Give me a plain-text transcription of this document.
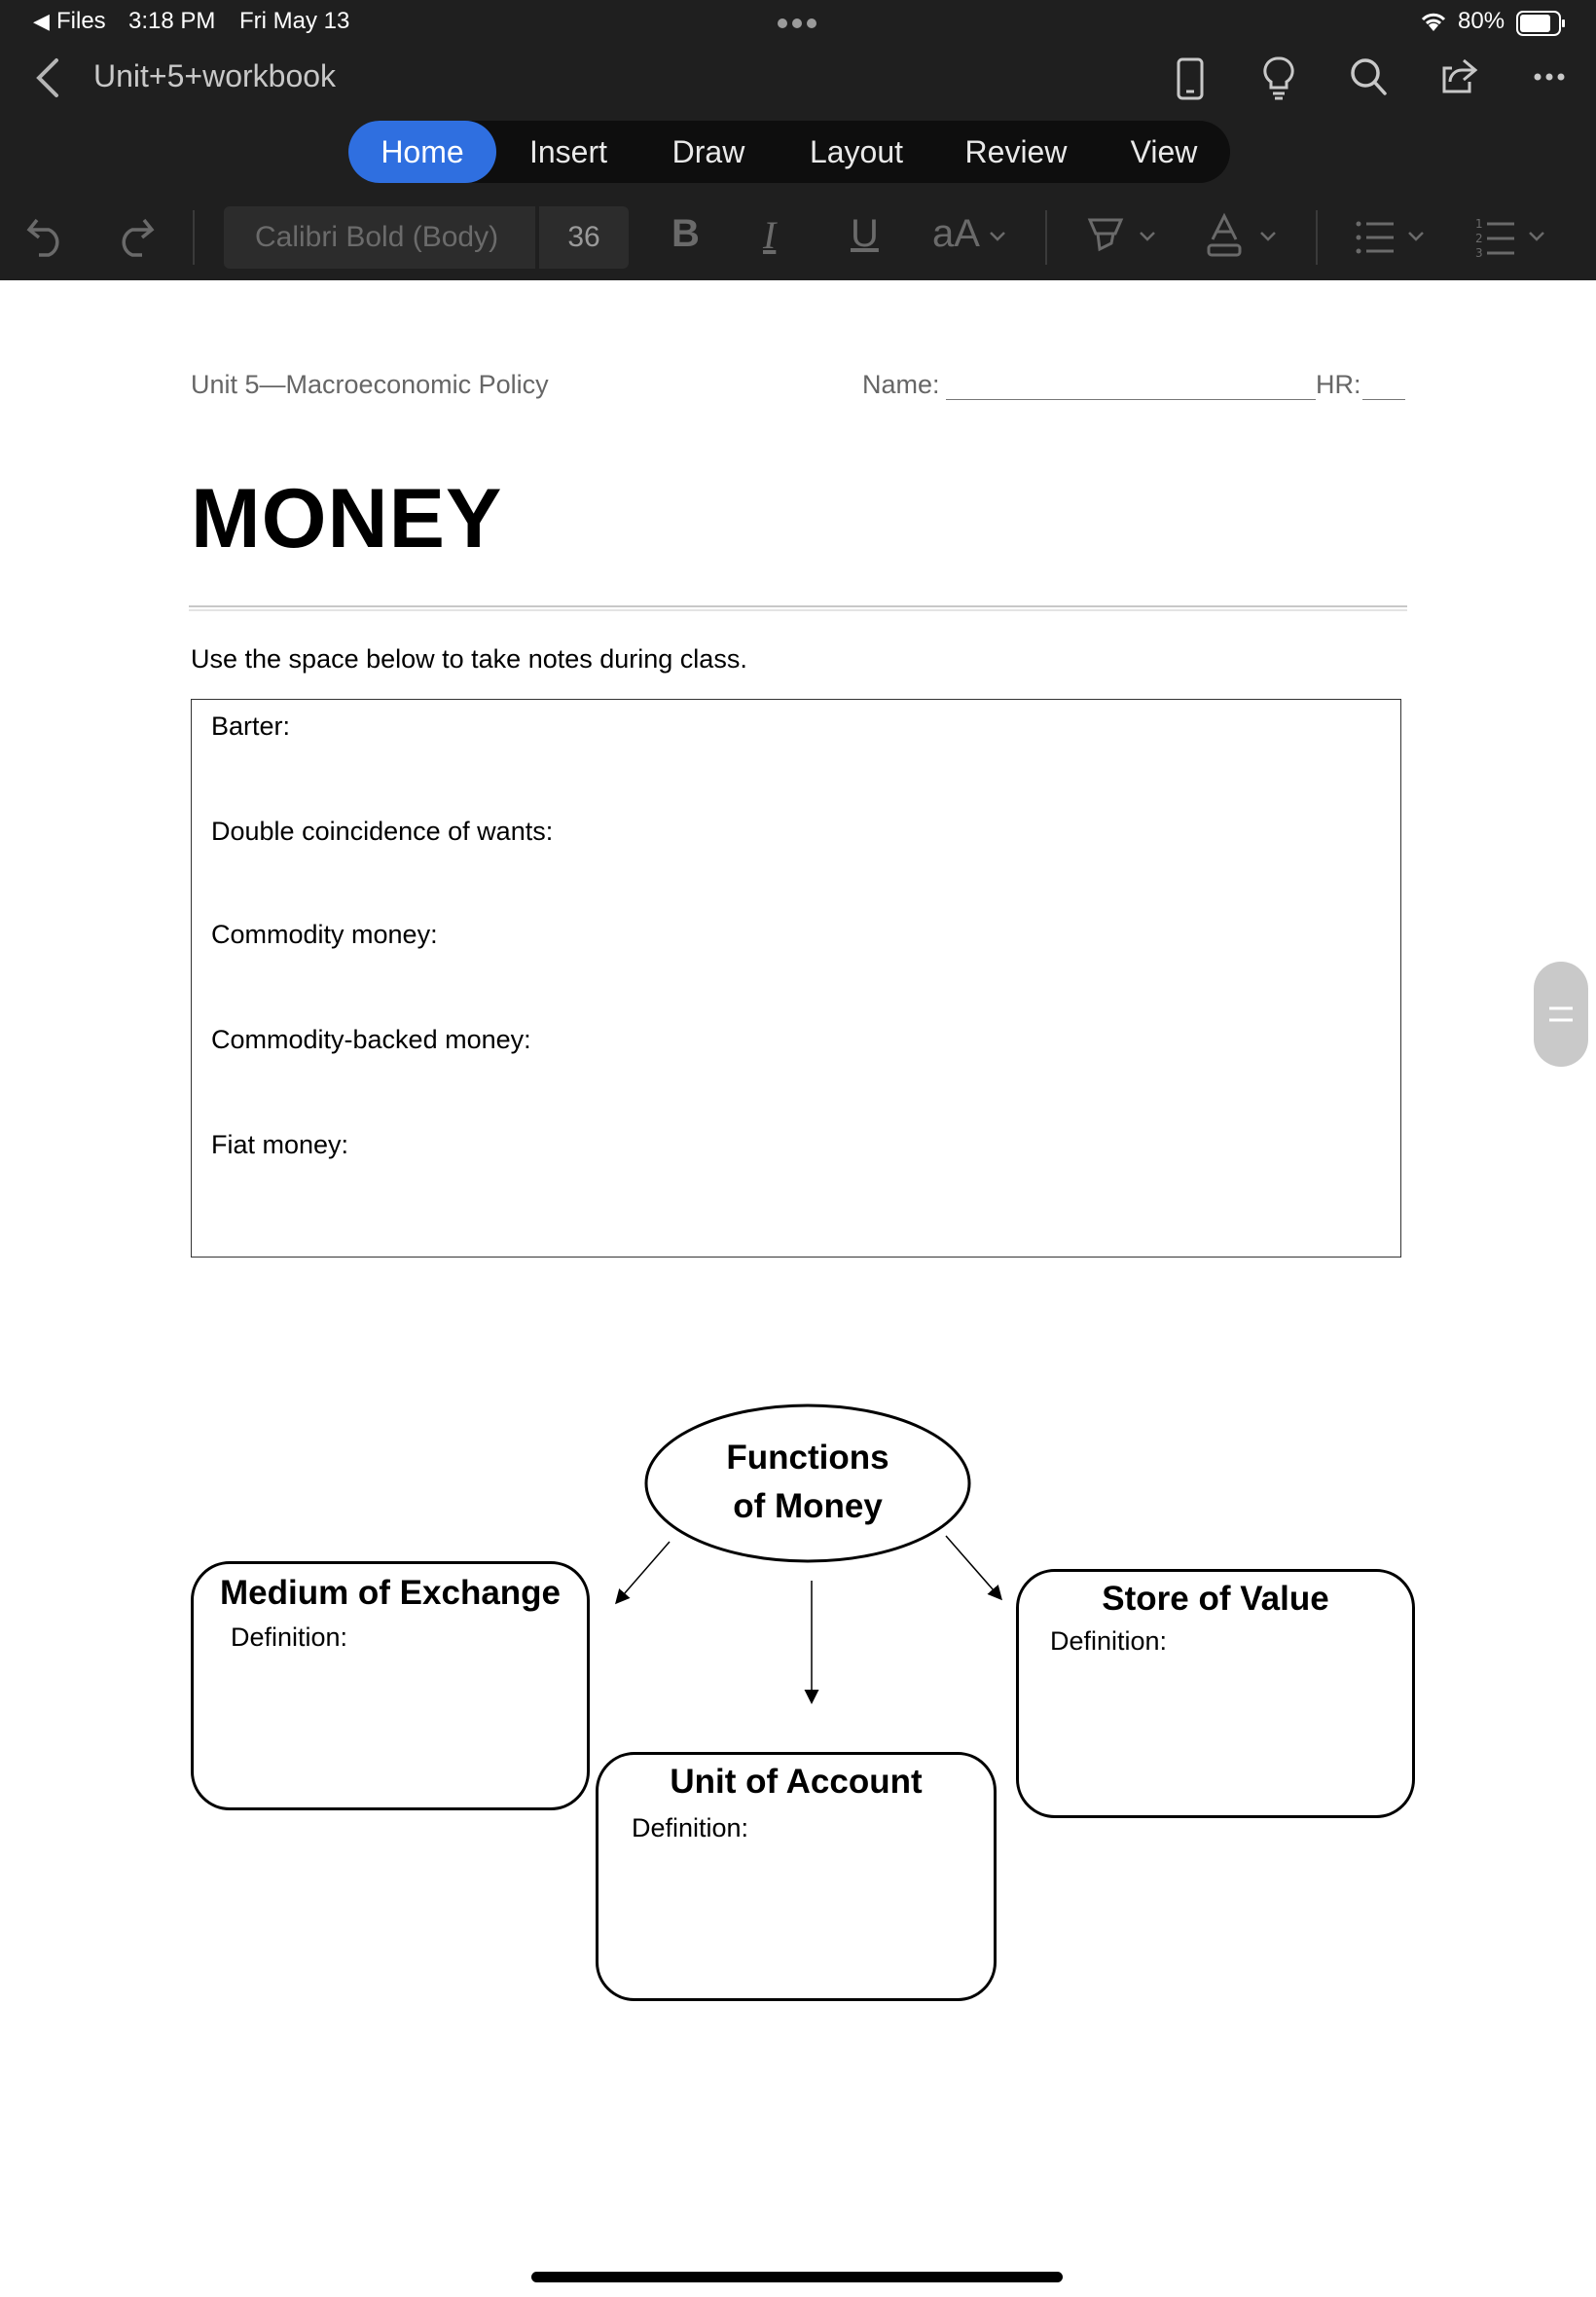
◀ Files 3:18 PM Fri May 13	80%
Unit+5+workbook
Home	Insert	Draw	Layout	Review	View
Calibri Bold (Body)	36	B I U aA	1
2
3
Unit 5—Macroeconomic Policy	Name:	HR:
MONEY
Use the space below to take notes during class.
Barter:
Double coincidence of wants:
Commodity money:
Commodity-backed money:
Fiat money:
Functions
of Money
Medium of Exchange
Definition:
Store of Value
Definition:
Unit of Account
Definition:
